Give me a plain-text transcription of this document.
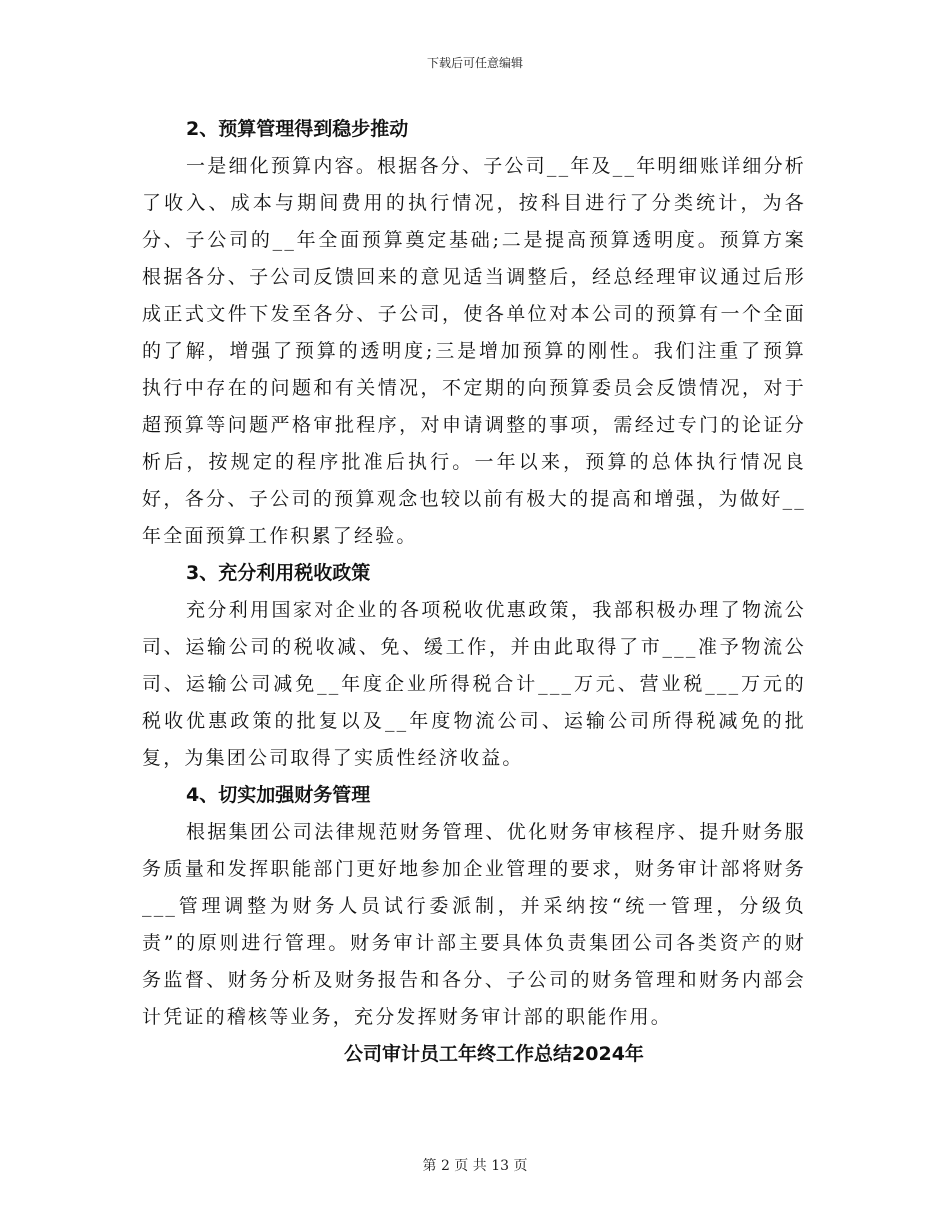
下载后可任意编辑

2、预算管理得到稳步推动

一是细化预算内容。根据各分、子公司__年及__年明细账详细分析了收入、成本与期间费用的执行情况，按科目进行了分类统计，为各分、子公司的__年全面预算奠定基础;二是提高预算透明度。预算方案根据各分、子公司反馈回来的意见适当调整后，经总经理审议通过后形成正式文件下发至各分、子公司，使各单位对本公司的预算有一个全面的了解，增强了预算的透明度;三是增加预算的刚性。我们注重了预算执行中存在的问题和有关情况，不定期的向预算委员会反馈情况，对于超预算等问题严格审批程序，对申请调整的事项，需经过专门的论证分析后，按规定的程序批准后执行。一年以来，预算的总体执行情况良好，各分、子公司的预算观念也较以前有极大的提高和增强，为做好__年全面预算工作积累了经验。

3、充分利用税收政策

充分利用国家对企业的各项税收优惠政策，我部积极办理了物流公司、运输公司的税收减、免、缓工作，并由此取得了市___准予物流公司、运输公司减免__年度企业所得税合计___万元、营业税___万元的税收优惠政策的批复以及__年度物流公司、运输公司所得税减免的批复，为集团公司取得了实质性经济收益。

4、切实加强财务管理

根据集团公司法律规范财务管理、优化财务审核程序、提升财务服务质量和发挥职能部门更好地参加企业管理的要求，财务审计部将财务___管理调整为财务人员试行委派制，并采纳按“统一管理，分级负责”的原则进行管理。财务审计部主要具体负责集团公司各类资产的财务监督、财务分析及财务报告和各分、子公司的财务管理和财务内部会计凭证的稽核等业务，充分发挥财务审计部的职能作用。

公司审计员工年终工作总结2024年

第 2 页 共 13 页
